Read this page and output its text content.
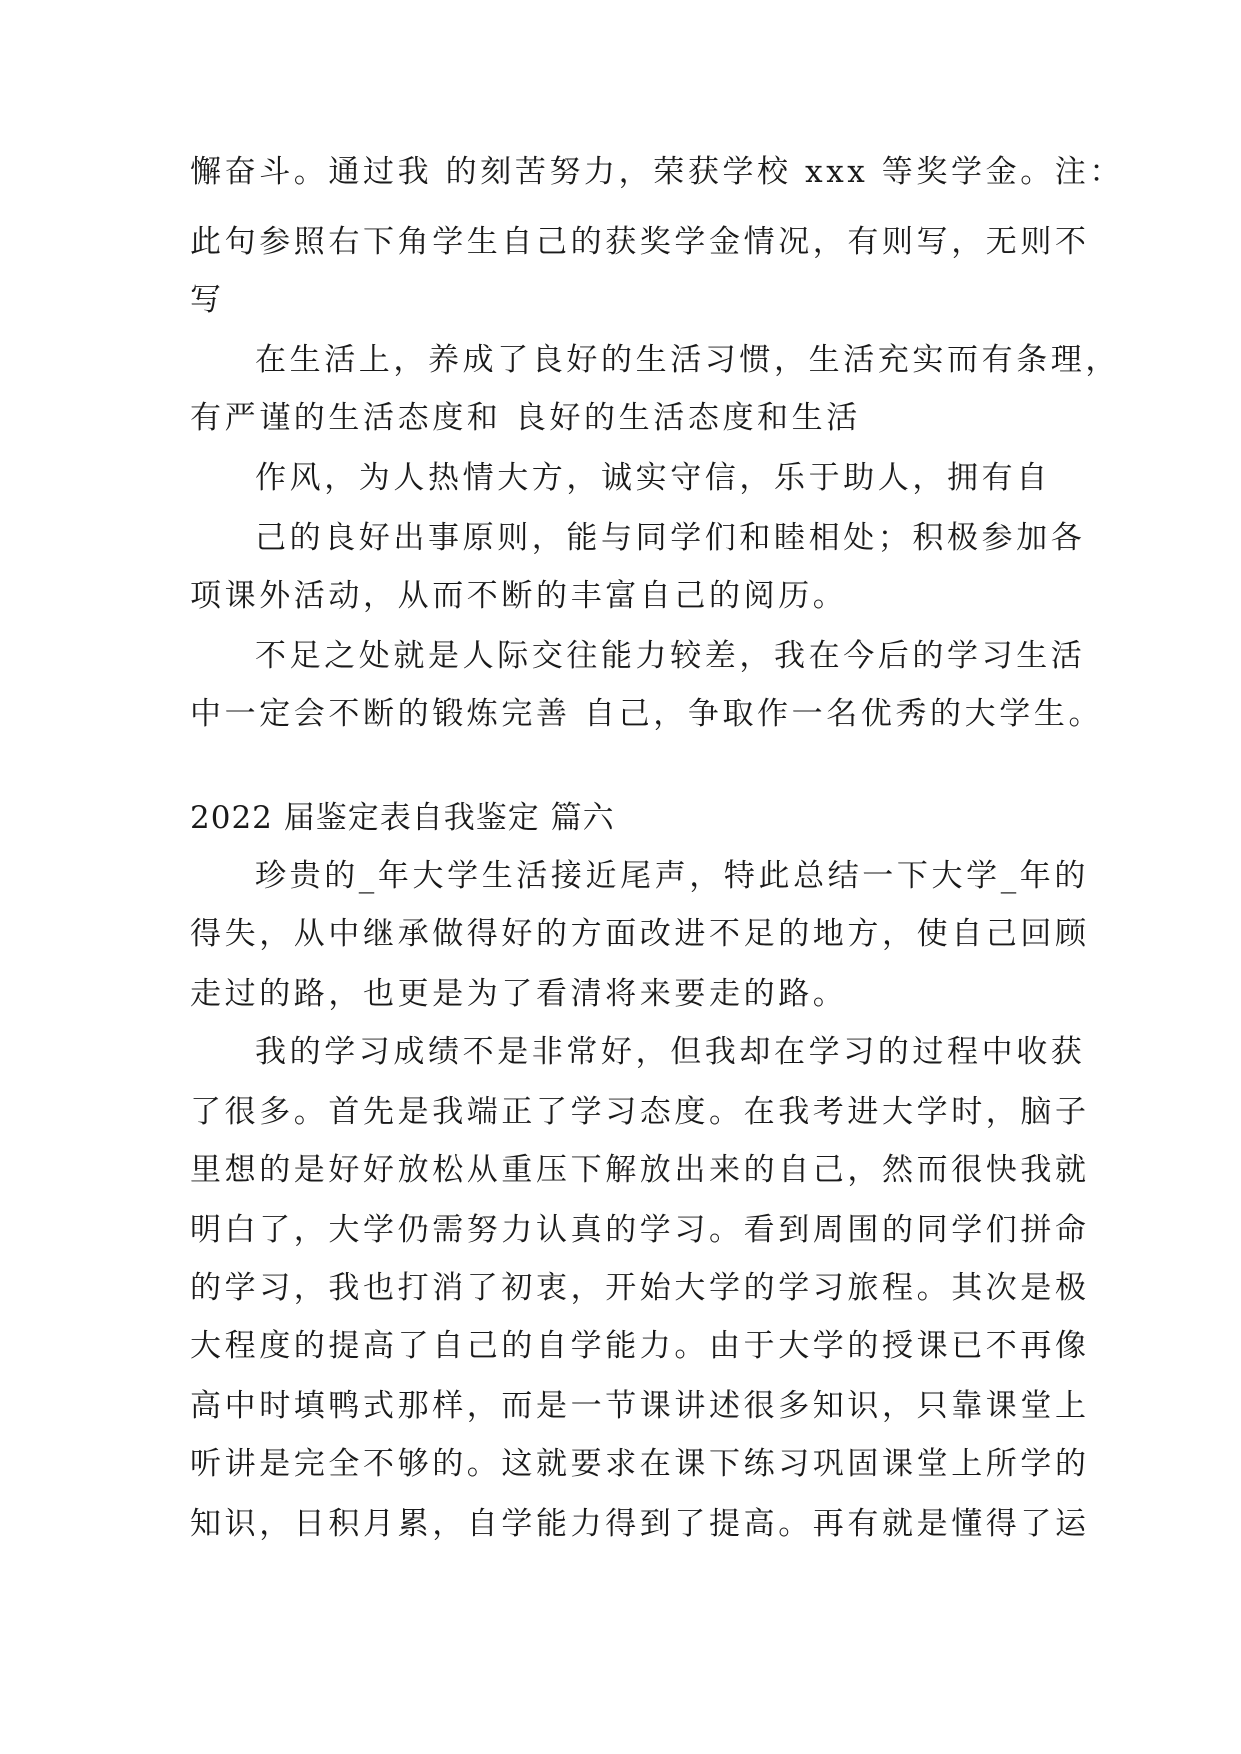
懈奋斗。通过我 的刻苦努力，荣获学校 xxx 等奖学金。注：
此句参照右下角学生自己的获奖学金情况，有则写，无则不
写
在生活上，养成了良好的生活习惯，生活充实而有条理，
有严谨的生活态度和 良好的生活态度和生活
作风，为人热情大方，诚实守信，乐于助人，拥有自
己的良好出事原则，能与同学们和睦相处；积极参加各
项课外活动，从而不断的丰富自己的阅历。
不足之处就是人际交往能力较差，我在今后的学习生活
中一定会不断的锻炼完善 自己，争取作一名优秀的大学生。
2022 届鉴定表自我鉴定 篇六
珍贵的_年大学生活接近尾声，特此总结一下大学_年的
得失，从中继承做得好的方面改进不足的地方，使自己回顾
走过的路，也更是为了看清将来要走的路。
我的学习成绩不是非常好，但我却在学习的过程中收获
了很多。首先是我端正了学习态度。在我考进大学时，脑子
里想的是好好放松从重压下解放出来的自己，然而很快我就
明白了，大学仍需努力认真的学习。看到周围的同学们拼命
的学习，我也打消了初衷，开始大学的学习旅程。其次是极
大程度的提高了自己的自学能力。由于大学的授课已不再像
高中时填鸭式那样，而是一节课讲述很多知识，只靠课堂上
听讲是完全不够的。这就要求在课下练习巩固课堂上所学的
知识，日积月累，自学能力得到了提高。再有就是懂得了运
